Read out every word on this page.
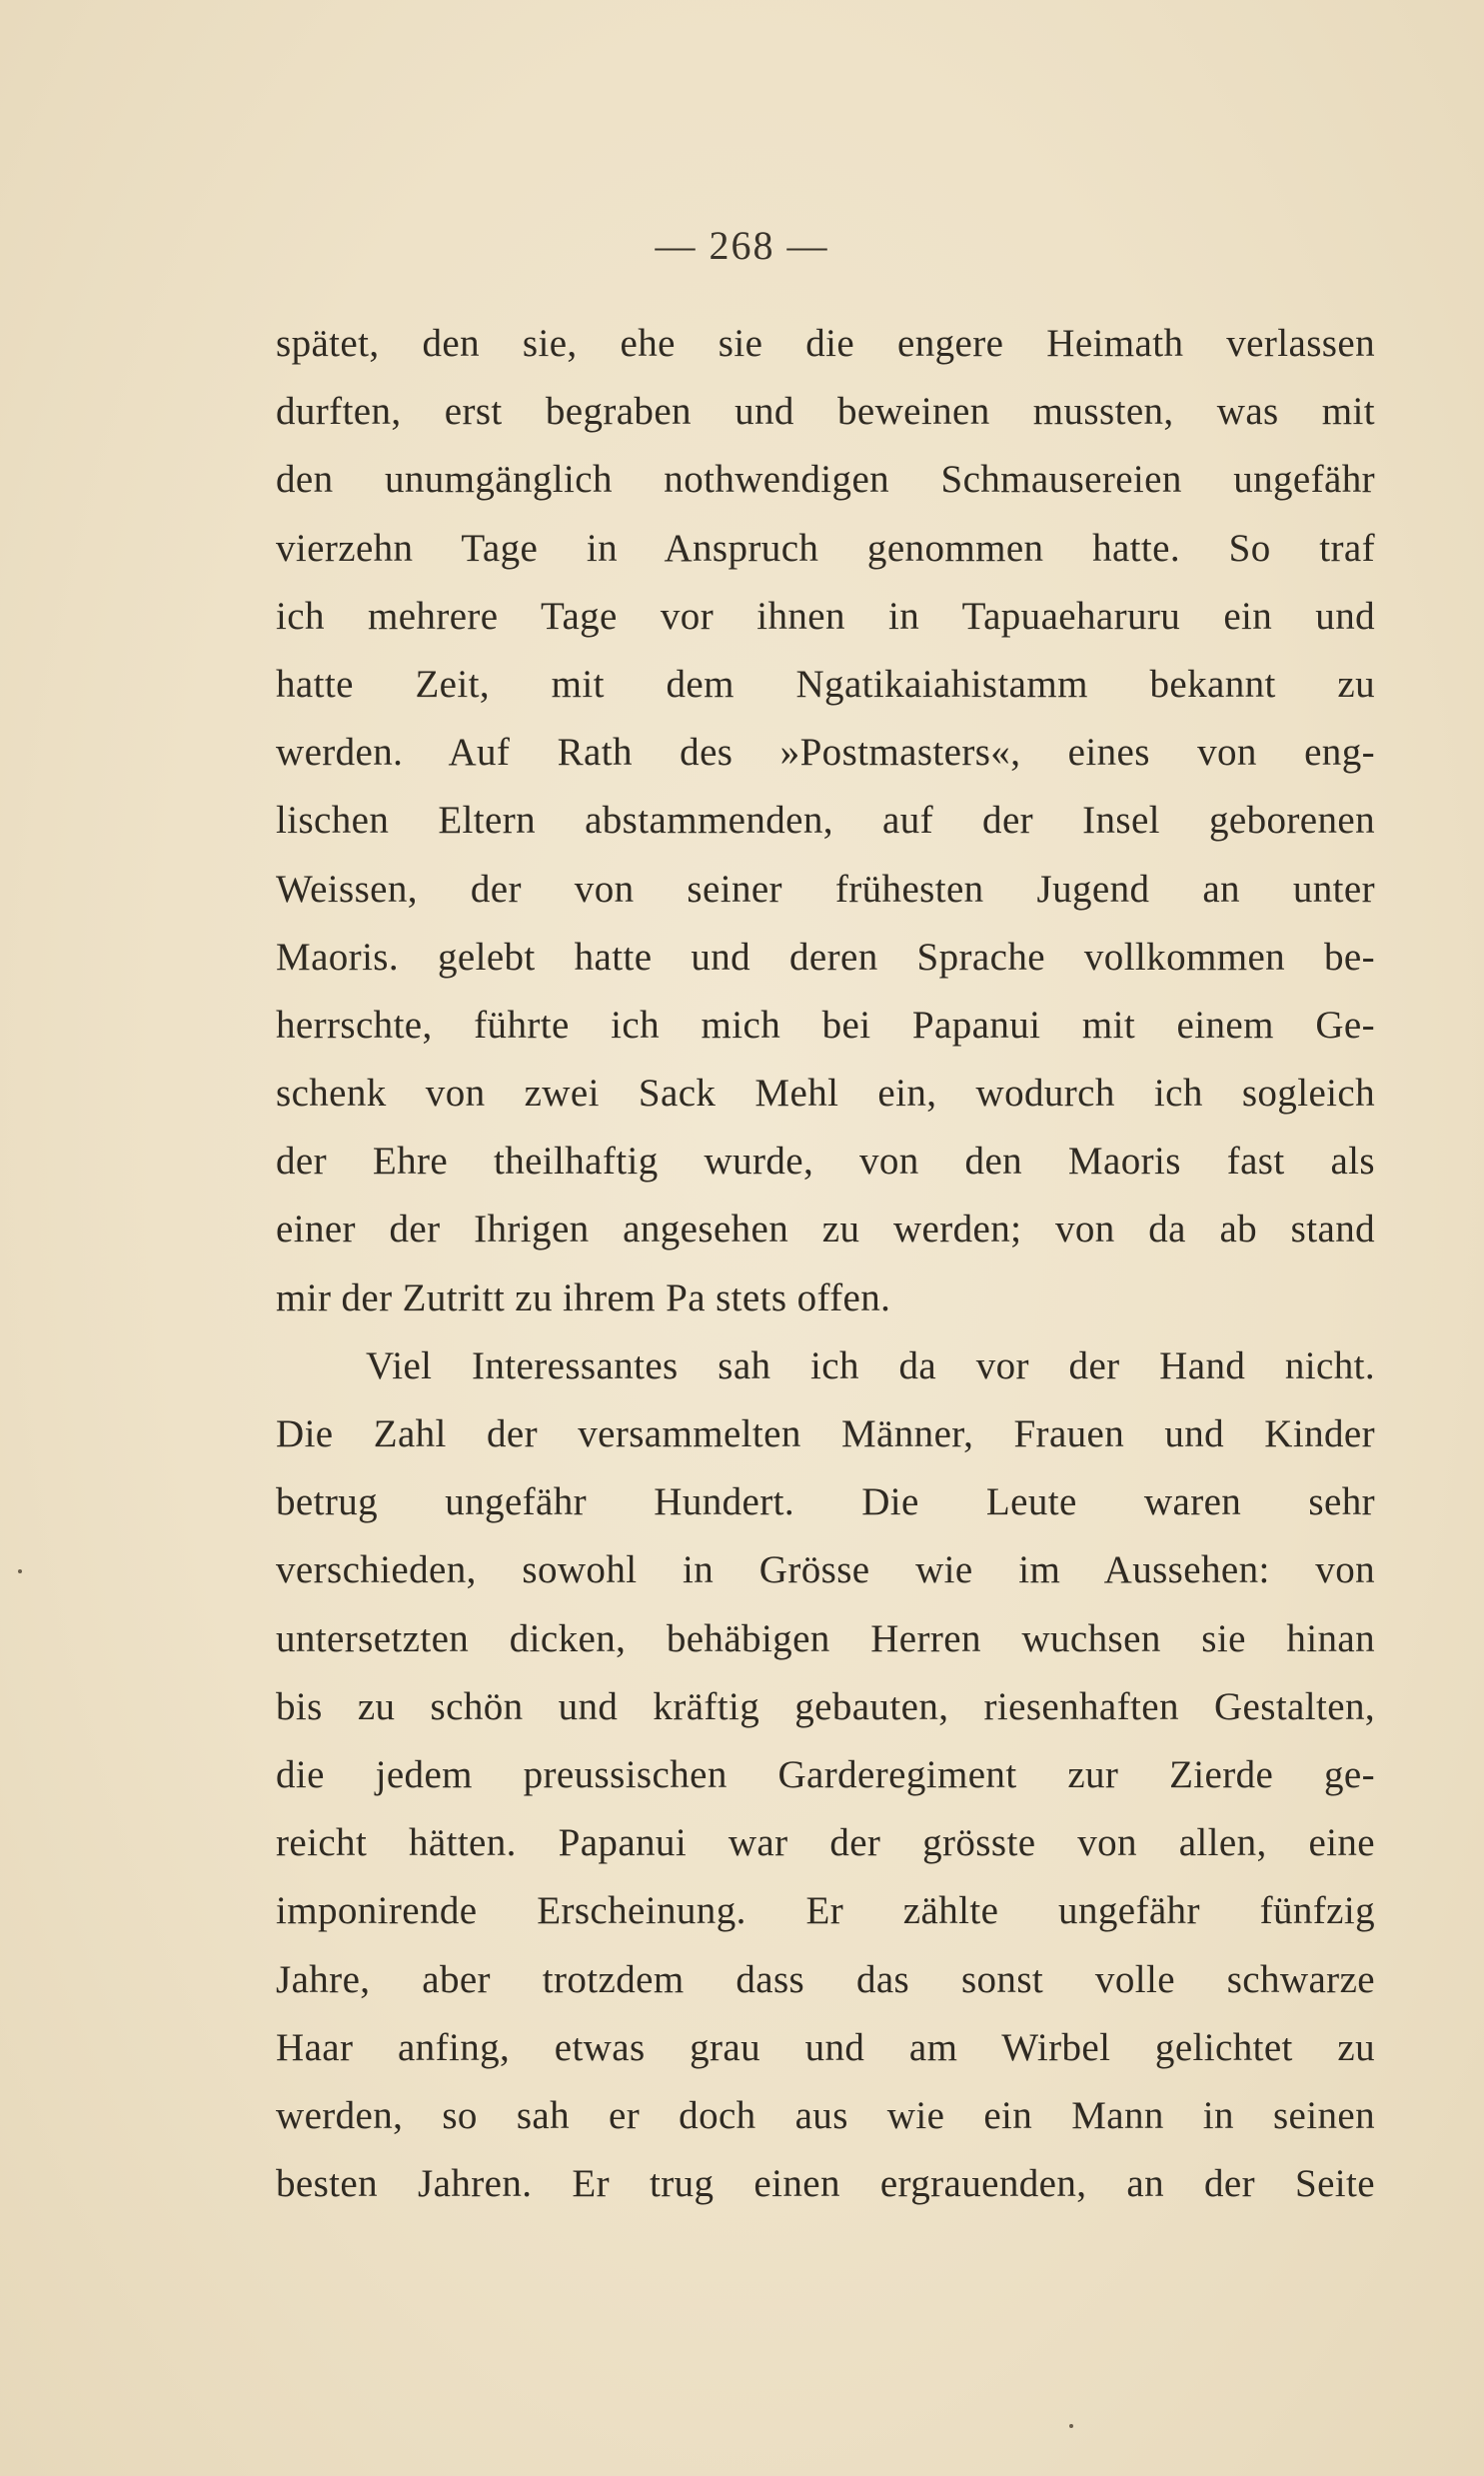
— 268 —
spätet, den sie, ehe sie die engere Heimath verlassen
durften, erst begraben und beweinen mussten, was mit
den unumgänglich nothwendigen Schmausereien ungefähr
vierzehn Tage in Anspruch genommen hatte. So traf
ich mehrere Tage vor ihnen in Tapuaeharuru ein und
hatte Zeit, mit dem Ngatikaiahistamm bekannt zu
werden. Auf Rath des »Postmasters«, eines von eng-
lischen Eltern abstammenden, auf der Insel geborenen
Weissen, der von seiner frühesten Jugend an unter
Maoris. gelebt hatte und deren Sprache vollkommen be-
herrschte, führte ich mich bei Papanui mit einem Ge-
schenk von zwei Sack Mehl ein, wodurch ich sogleich
der Ehre theilhaftig wurde, von den Maoris fast als
einer der Ihrigen angesehen zu werden; von da ab stand
mir der Zutritt zu ihrem Pa stets offen.
Viel Interessantes sah ich da vor der Hand nicht.
Die Zahl der versammelten Männer, Frauen und Kinder
betrug ungefähr Hundert. Die Leute waren sehr
verschieden, sowohl in Grösse wie im Aussehen: von
untersetzten dicken, behäbigen Herren wuchsen sie hinan
bis zu schön und kräftig gebauten, riesenhaften Gestalten,
die jedem preussischen Garderegiment zur Zierde ge-
reicht hätten. Papanui war der grösste von allen, eine
imponirende Erscheinung. Er zählte ungefähr fünfzig
Jahre, aber trotzdem dass das sonst volle schwarze
Haar anfing, etwas grau und am Wirbel gelichtet zu
werden, so sah er doch aus wie ein Mann in seinen
besten Jahren. Er trug einen ergrauenden, an der Seite
